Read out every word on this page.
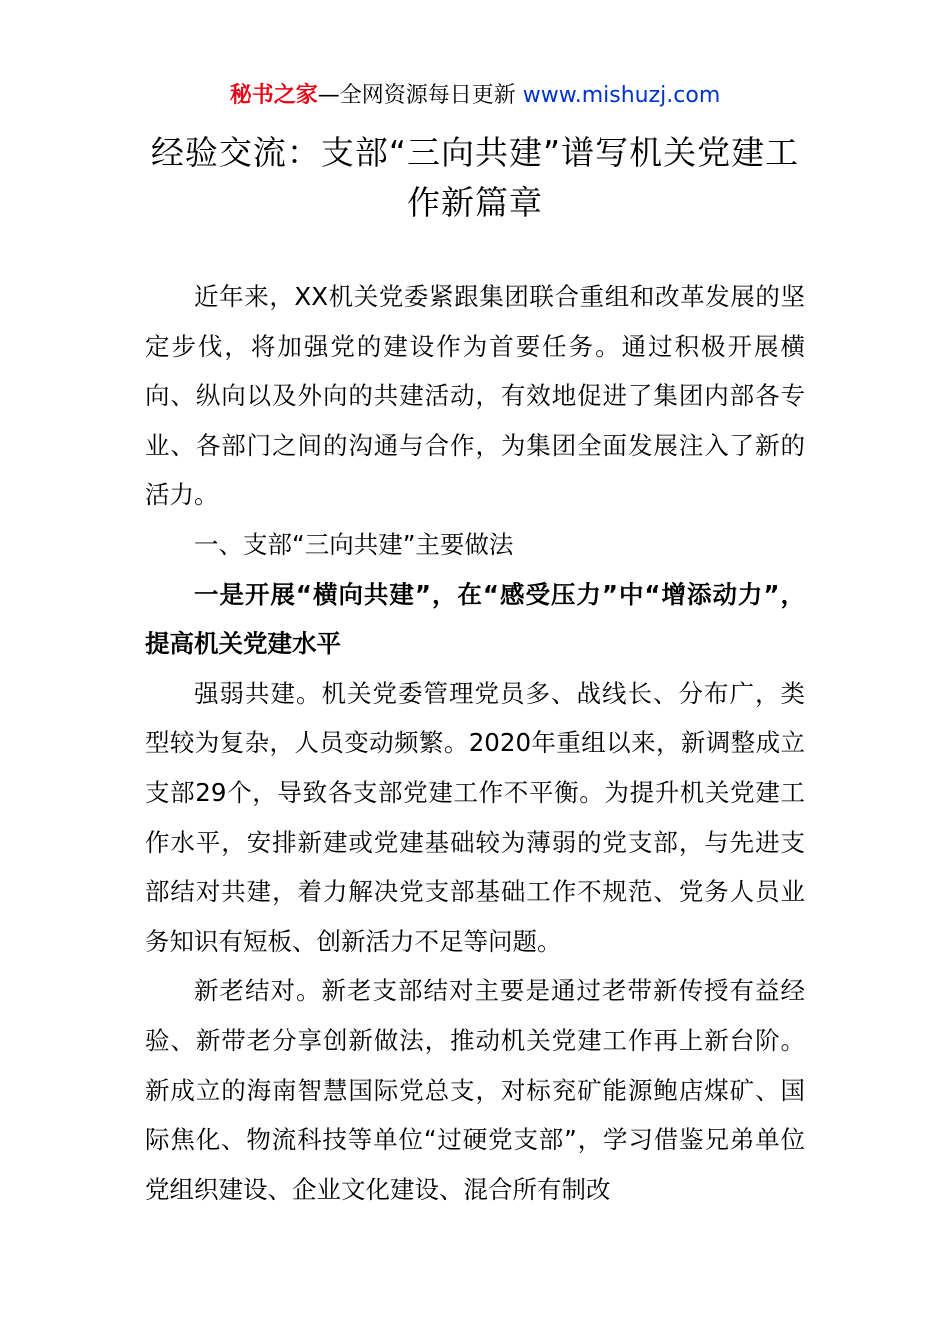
秘书之家—全网资源每日更新 www.mishuzj.com
经验交流：支部“三向共建”谱写机关党建工作新篇章

近年来，XX机关党委紧跟集团联合重组和改革发展的坚定步伐，将加强党的建设作为首要任务。通过积极开展横向、纵向以及外向的共建活动，有效地促进了集团内部各专业、各部门之间的沟通与合作，为集团全面发展注入了新的活力。

一、支部“三向共建”主要做法

一是开展“横向共建”，在“感受压力”中“增添动力”，提高机关党建水平

强弱共建。机关党委管理党员多、战线长、分布广，类型较为复杂，人员变动频繁。2020年重组以来，新调整成立支部29个，导致各支部党建工作不平衡。为提升机关党建工作水平，安排新建或党建基础较为薄弱的党支部，与先进支部结对共建，着力解决党支部基础工作不规范、党务人员业务知识有短板、创新活力不足等问题。

新老结对。新老支部结对主要是通过老带新传授有益经验、新带老分享创新做法，推动机关党建工作再上新台阶。新成立的海南智慧国际党总支，对标兖矿能源鲍店煤矿、国际焦化、物流科技等单位“过硬党支部”，学习借鉴兄弟单位党组织建设、企业文化建设、混合所有制改
